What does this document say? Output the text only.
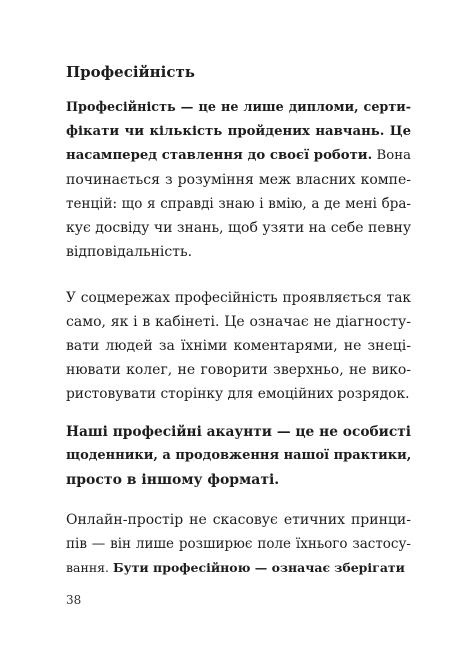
Професійність
Професійність — це не лише дипломи, серти-
фікати чи кількість пройдених навчань. Це
насамперед ставлення до своєї роботи. Вона
починається з розуміння меж власних компе-
тенцій: що я справді знаю і вмію, а де мені бра-
кує досвіду чи знань, щоб узяти на себе певну
відповідальність.
У соцмережах професійність проявляється так
само, як і в кабінеті. Це означає не діагносту-
вати людей за їхніми коментарями, не знеці-
нювати колег, не говорити зверхньо, не вико-
ристовувати сторінку для емоційних розрядок.
Наші професійні акаунти — це не особисті
щоденники, а продовження нашої практики,
просто в іншому форматі.
Онлайн-простір не скасовує етичних принци-
пів — він лише розширює поле їхнього застосу-
вання. Бути професійною — означає зберігати
38
